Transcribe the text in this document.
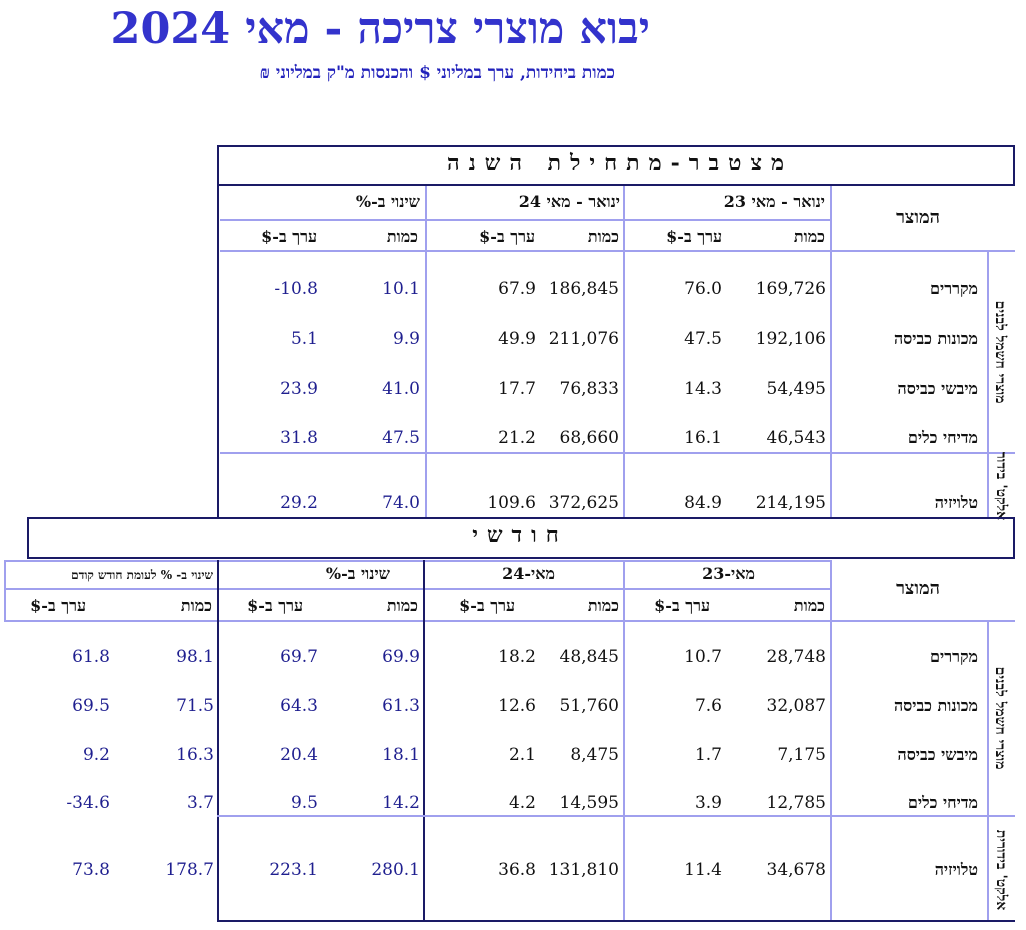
יבוא מוצרי צריכה - מאי 2024
כמות ביחידות, ערך במליוני $ והכנסות מ"ק במליוני ₪
מצטבר-מתחילת השנה
המוצר
ינואר - מאי 23
ינואר - מאי 24
שינוי ב-%
כמות
ערך ב-$
כמות
ערך ב-$
כמות
ערך ב-$
מוצרי חשמל לבנים
אלקט' בידור
מקררים
169,726
76.0
186,845
67.9
10.1
-10.8
מכונות כביסה
192,106
47.5
211,076
49.9
9.9
5.1
מיבשי כביסה
54,495
14.3
76,833
17.7
41.0
23.9
מדיחי כלים
46,543
16.1
68,660
21.2
47.5
31.8
טלויזיה
214,195
84.9
372,625
109.6
74.0
29.2
חודשי
המוצר
מאי-23
מאי-24
שינוי ב-%
שינוי ב- % לעומת חודש קודם
כמות
ערך ב-$
כמות
ערך ב-$
כמות
ערך ב-$
כמות
ערך ב-$
מוצרי חשמל לבנים
אלקט' בידורית
מקררים
28,748
10.7
48,845
18.2
69.9
69.7
98.1
61.8
מכונות כביסה
32,087
7.6
51,760
12.6
61.3
64.3
71.5
69.5
מיבשי כביסה
7,175
1.7
8,475
2.1
18.1
20.4
16.3
9.2
מדיחי כלים
12,785
3.9
14,595
4.2
14.2
9.5
3.7
-34.6
טלויזיה
34,678
11.4
131,810
36.8
280.1
223.1
178.7
73.8
